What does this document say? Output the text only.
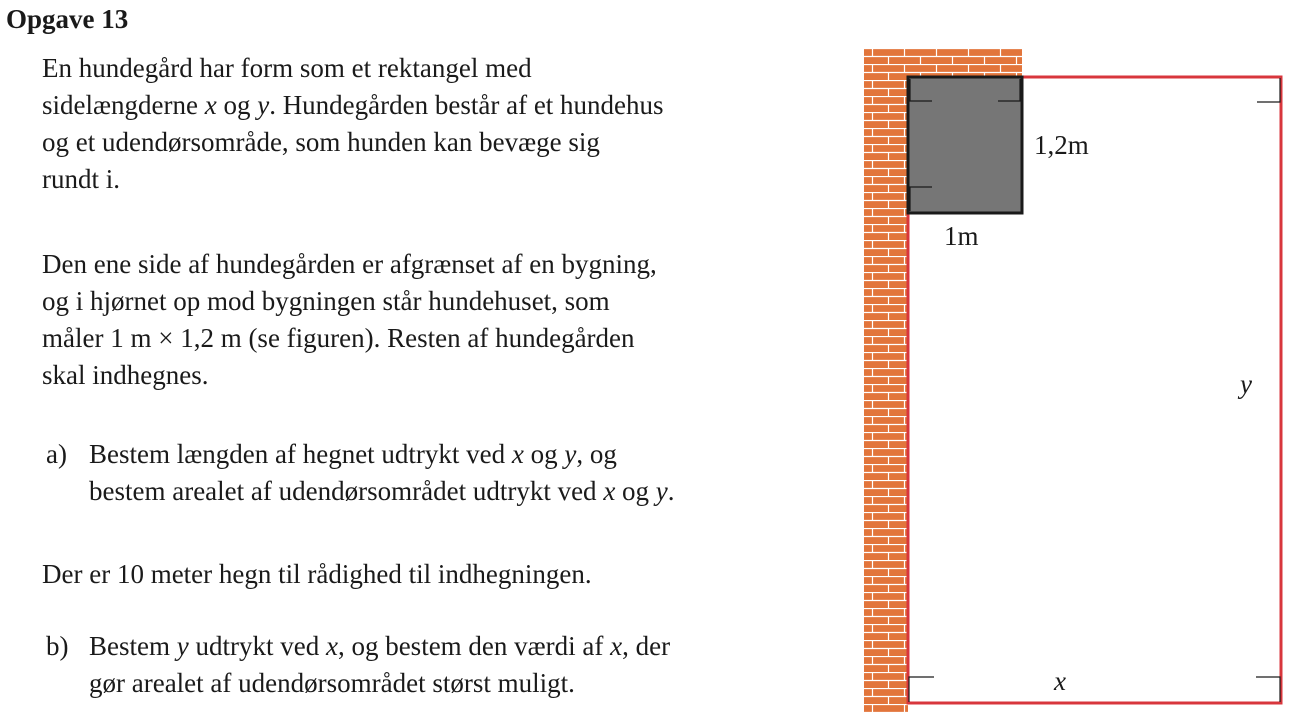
Opgave 13
En hundegård har form som et rektangel med
sidelængderne x og y. Hundegården består af et hundehus
og et udendørsområde, som hunden kan bevæge sig
rundt i.
Den ene side af hundegården er afgrænset af en bygning,
og i hjørnet op mod bygningen står hundehuset, som
måler 1 m × 1,2 m (se figuren). Resten af hundegården
skal indhegnes.
a) Bestem længden af hegnet udtrykt ved x og y, og
bestem arealet af udendørsområdet udtrykt ved x og y.
Der er 10 meter hegn til rådighed til indhegningen.
b) Bestem y udtrykt ved x, og bestem den værdi af x, der
gør arealet af udendørsområdet størst muligt.
1,2m
1m
y
x
